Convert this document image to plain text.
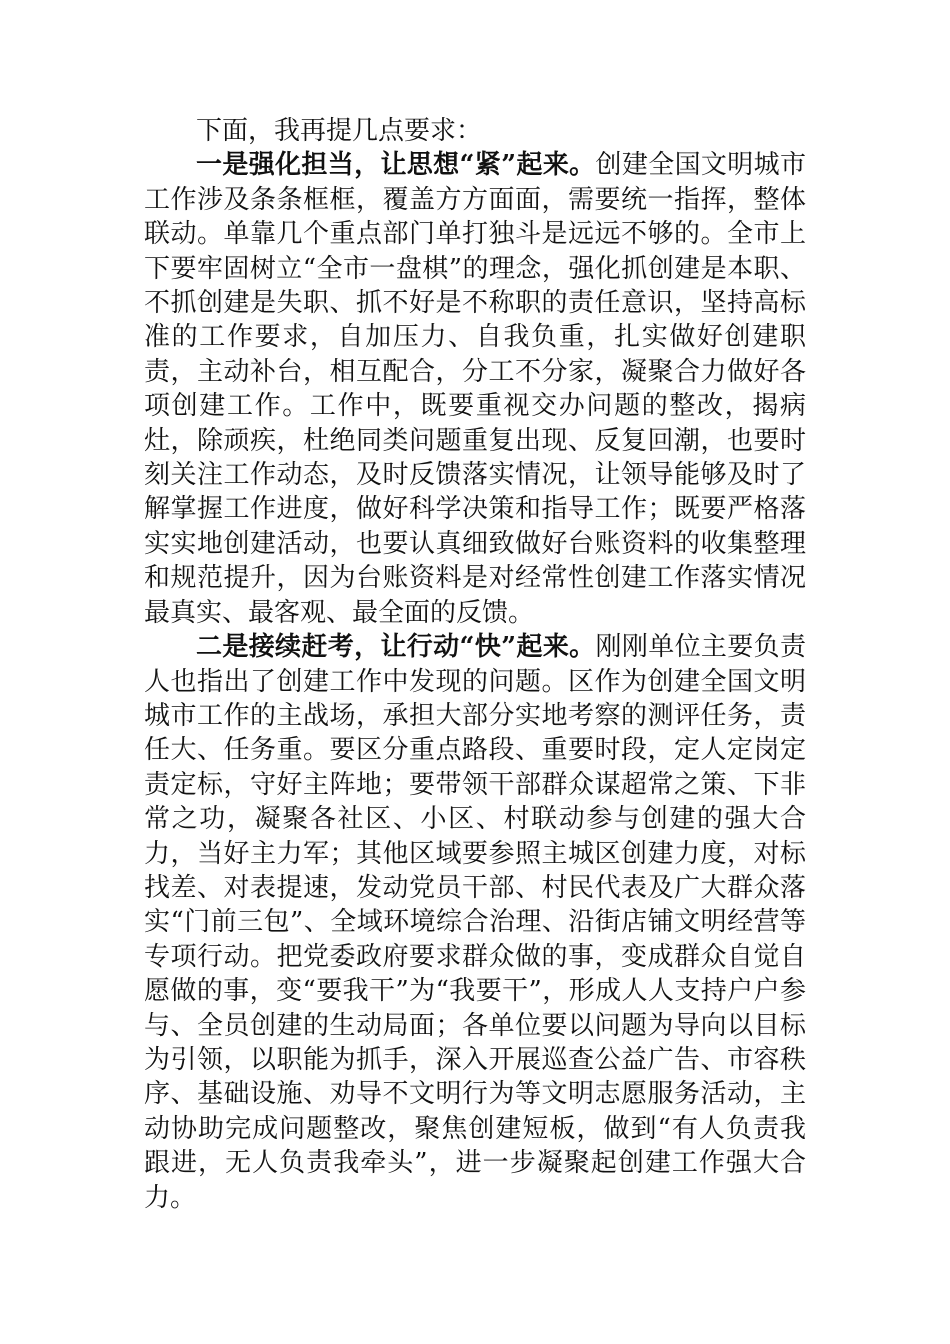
下面，我再提几点要求：

一是强化担当，让思想“紧”起来。创建全国文明城市工作涉及条条框框，覆盖方方面面，需要统一指挥，整体联动。单靠几个重点部门单打独斗是远远不够的。全市上下要牢固树立“全市一盘棋”的理念，强化抓创建是本职、不抓创建是失职、抓不好是不称职的责任意识，坚持高标准的工作要求，自加压力、自我负重，扎实做好创建职责，主动补台，相互配合，分工不分家，凝聚合力做好各项创建工作。工作中，既要重视交办问题的整改，揭病灶，除顽疾，杜绝同类问题重复出现、反复回潮，也要时刻关注工作动态，及时反馈落实情况，让领导能够及时了解掌握工作进度，做好科学决策和指导工作；既要严格落实实地创建活动，也要认真细致做好台账资料的收集整理和规范提升，因为台账资料是对经常性创建工作落实情况最真实、最客观、最全面的反馈。

二是接续赶考，让行动“快”起来。刚刚单位主要负责人也指出了创建工作中发现的问题。区作为创建全国文明城市工作的主战场，承担大部分实地考察的测评任务，责任大、任务重。要区分重点路段、重要时段，定人定岗定责定标，守好主阵地；要带领干部群众谋超常之策、下非常之功，凝聚各社区、小区、村联动参与创建的强大合力，当好主力军；其他区域要参照主城区创建力度，对标找差、对表提速，发动党员干部、村民代表及广大群众落实“门前三包”、全域环境综合治理、沿街店铺文明经营等专项行动。把党委政府要求群众做的事，变成群众自觉自愿做的事，变“要我干”为“我要干”，形成人人支持户户参与、全员创建的生动局面；各单位要以问题为导向以目标为引领，以职能为抓手，深入开展巡查公益广告、市容秩序、基础设施、劝导不文明行为等文明志愿服务活动，主动协助完成问题整改，聚焦创建短板，做到“有人负责我跟进，无人负责我牵头”，进一步凝聚起创建工作强大合力。
